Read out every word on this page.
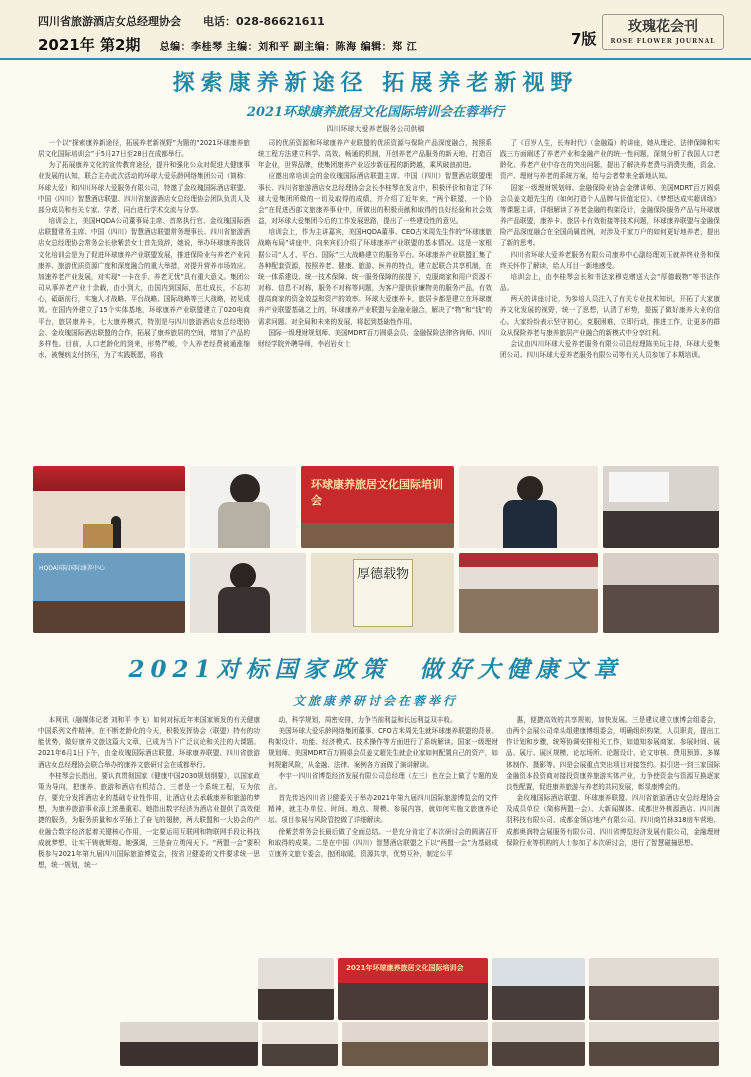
四川省旅游酒店女总经理协会　　电话：028-86621611
2021年 第2期 总编：李桂琴 主编：刘和平 副主编：陈海 编辑：郑 江	7版
玫瑰花会刊
ROSE FLOWER JOURNAL
探索康养新途径 拓展养老新视野
2021环球康养旅居文化国际培训会在蓉举行
四川环球大爱养老服务公司供稿

一个以“探索康养新途径，拓展养老新视野”为题的“2021环球康养旅居文化国际培训会”于5月27日至28日在成都举行。

为了拓展康养文化的宣传教育途径，提升和强化公众对促进大健康事业发展的认知，联合主办此次活动的环球大爱乐龄网络集团公司（简称：环球大爱）和四川环球大爱服务有限公司，特邀了金玫瑰国际酒店联盟、中国（四川）智慧酒店联盟、四川省旅游酒店女总经理协会团队负责人及部分成员和有关专家、学者，同台进行学术交流与分享。

培训会上，美国HQDA公司董事局主席、首席执行官、金玫瑰国际酒店联盟常务主席、中国（四川）智慧酒店联盟常务理事长、四川省旅游酒店女总经理协会常务会长徐紫芸女士首先致辞，她说，举办环球康养旅居文化培训会是为了促进环球康养产业联盟发展，推进保险业与养老产业同康养、旅游优质资源广度和深度融合的重大举措，对提升营养市场效应、加速养老产业发展，对实现“一卡在手、养老无忧”具有重大意义。集团公司从事养老产业十余载，由小到大，由国内到国际，茁壮成长，不忘初心，砥砺前行，实施人才战略、平台战略、国际战略等三大战略，初见成效。在国内外建立了15个实体基地，环球康养产业联盟建立了020电商平台，旅居康养卡，七大康养模式，特别是与四川旅游酒店女总经理协会、金玫瑰国际酒店联盟的合作，拓展了康养旅居的空间，增加了产品的多样性。目前，人口老龄化的到来，形势严峻，个人养老经费被通涨缩水，被慢病支付挤压，为了实践既愿，将我

司的优质资源和环球康养产业联盟的优质资源与保险产品深度融合，按照系统工程方法建立科学、高效、畅通的机制，开创养老产品服务的新天地，打造百年企业，世界品牌，使集团康养产业迈步新征程的新跨越，乘风破浪前进。

应邀出席培训会的金玫瑰国际酒店联盟主席、中国（四川）智慧酒店联盟理事长、四川省旅游酒店女总经理协会会长李桂琴在发言中，积极评价和肯定了环球大爱集团所做的一切及取得的成绩，并介绍了近年来，“两个联盟、一个协会”在促进西部文旅康养事业中，所做出的积极贡献和取得的良好经验和社会效益，对环球大爱集团今后的工作发展思路，提出了一些建设性的意见。

培训会上，作为主讲嘉宾，美国HQDA董事、CEO古米周先生作的“环球康旅战略布局”讲座中，向来宾们介绍了环球康养产业联盟的基本情况。这是一家根据公司“人才、平台、国际”三大战略建立的服务平台。环球康养产业联盟汇集了各种配套资源，按照养老、健康、旅游、医养的特点，建立起联合共享机制，在统一体系建设、统一技术保障、统一服务保障的前提下，克服商家和用户资源不对称、信息不对称，服务不对称等问题，为客户提供价廉物美的服务产品，有效提高商家的资金效益和资产的效率。环球大爱康养卡，旅居卡都是建立在环球康养产业联盟基础之上的，环球康养产业联盟与金融业融合，解决了“物”和“钱”的需求问题。对全局和未来的发展，将起到基础性作用。

国际一级理财规划师、美国MDRT百万圆桌会员、金融保险法律咨询师、四川财经学院外聘导师，李岩岩女士

了《百岁人生，长寿时代》（金融篇）的讲座，她从理论、法律保障和实践三方面阐述了养老产业和金融产业的统一性问题，深刻分析了我国人口老龄化、养老产业中存在的突出问题，提出了解决养老费与消费失衡，资金、资产、理财与养老的系统方案，给与会者带来全新地认知。

国家一级理财规划师、金融保险业协会金牌讲师、美国MDRT百万圆桌会员姜文超先生的《如何打造个人品牌与价值定位》、《梦想达成实超训练》等课题主讲，详细解读了养老金融的构架设计，金融保险服务产品与环球康养产品联盟，康养卡、旅居卡有效衔接等技术问题，环球康养联盟与金融保险产品深度融合在全国尚属首例，对涉及千家万户的如何更好地养老，提出了新的思考。

四川省环球大爱养老服务有限公司康养中心副经理刘玉就养终业务和保终关怀作了解读，给人耳目一新地感受。

培训会上，由李桂琴会长和书法家穆克赠送大会“厚德载物”等书法作品。

两天的讲座讨论，为参培人员注入了有关专业技术知识，开拓了大家康养文化发展的视野，统一了思想，认清了形势，提振了做好康养大业的信心。大家纷纷表示坚守初心，克服困难，立即行动，推进工作，让更多的群众从保险养老与康养旅居产业融合的新模式中分享红利。

会议由四川环球大爱养老服务有限公司总经理陈美玩主持，环球大爱集团公司、四川环球大爱养老服务有限公司等有关人员参加了本期培训。

环球康养旅居文化国际培训会
HQDA国际国际康养中心	厚德载物
2021对标国家政策　做好大健康文章
文旅康养研讨会在蓉举行

本网讯（融媒体记者 刘和平 李飞）如何对标近年来国家颁发的有关健康中国系列文件精神，在不断老龄化的今天，积极发挥协会（联盟）特有的功能优势，做好康养文旅这篇大文章，已成为当下广泛议论和关注的大课题。2021年6月1日下午，由金玫瑰国际酒店联盟、环球康养联盟、四川省旅游酒店女总经理协会联合举办的康养文旅研讨会在成都举行。

李桂琴会长指出，要认真贯彻国家《健康中国2030规划纲要》，以国家政策为导向，把康养、旅游和酒店有机结合，三者是一个系统工程，互为依存，要充分发挥酒店业的基础专业性作用，让酒店业去承载康养和旅游的梦想，为康养旅游事业添上浓墨重彩。她指出数字经济为酒店业提供了高效便捷的服务，为服务质量和水平插上了奋飞的翅膀，两大联盟和一大协会的产业融合数字经济起着关键核心作用，一定要运用互联网和物联网手段让科技成就梦想，让实干铸就辉煌。她强调，三是奋立勇闯天下。“两盟一会”要积极参与2021年第九届四川国际旅游博览会，按省卫健委的文件要求统一思想，统一规划，统一

动，科学规划，周密安排，力争当前利益和长远利益双丰收。

美国环球大爱乐龄网络集团董事、CFO古米周先生就环球康养联盟的背景、构架设计、功能、经济模式、技术操作等方面进行了系统解读。国家一级理财规划师、美国MDRT百万圆桌会员姜文超先生就企业家如何配置自己的资产，如何规避风险，从金融、法律、案例各方面做了演讲解读。

李宇一四川省博览经济发展有限公司总经理（左三）也在会上做了专题的发言。

首先传达四川省卫健委关于举办2021年第九届四川国际旅游博览会的文件精神，就主办单位、时间、地点、规模、参展内容，就如何实施文旅康养论坛、项目参展与风险管控做了详细解读。

徐紫芸常务会长最后做了全面总结。一是充分肯定了本次研讨会的圆满召开和取得的成果。二是在中国（四川）智慧酒店联盟之下以“两盟一会”为基础成立康养文旅专委会，抱团取暖，资源共享，优势互补，制定公平

惠，便捷高效的共享规则，加快发展。三是建议建立康博会组委会，由两个会展公司牵头组建康博组委会，明确组织构架，人员职责，提出工作计划和步骤，统筹协调安排相关工作，如道知参展商家、参展时间、展品、展厅、展区规模、论坛场所、论题设计、论文审核、费用预算、多媒体制作、摄影等。四是会展重点突出项目对接签约。拟引进一到三家国际金融资本投资商对接投资康养旅游实体产业，力争使资金与资源互换逐家良性配置，促进康养旅游与养老的共同发展，彰显康博会的。

金玫瑰国际酒店联盟、环球康养联盟、四川省旅游酒店女总经理协会及成员单位（简称两盟一会）、大新闻媒体、成都世外桃源酒店、四川海羽科技有限公司、成都金领店地产有限公司、四川商竹林318房车营地、成都奥润特会展服务有限公司、四川省博览经济发展有限公司，金融理财保险行业等机构的人士参加了本次研讨会，进行了智慧碰撞思想。

2021年环球康养旅居文化国际培训会
